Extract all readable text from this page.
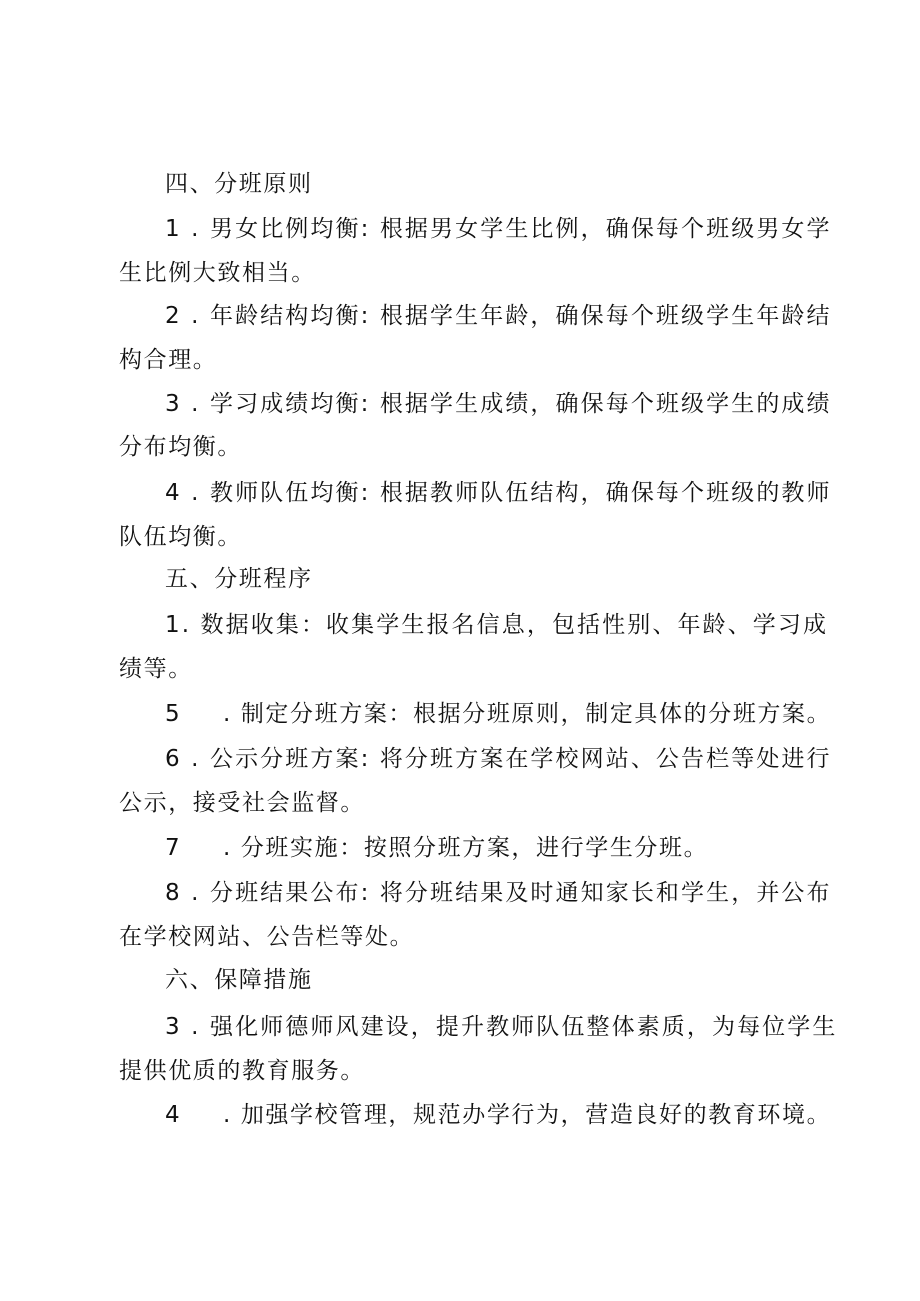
四、分班原则
1 . 男女比例均衡: 根据男女学生比例，确保每个班级男女学
生比例大致相当。
2 . 年龄结构均衡: 根据学生年龄，确保每个班级学生年龄结
构合理。
3 . 学习成绩均衡: 根据学生成绩，确保每个班级学生的成绩
分布均衡。
4 . 教师队伍均衡: 根据教师队伍结构，确保每个班级的教师
队伍均衡。
五、分班程序
1. 数据收集：收集学生报名信息，包括性别、年龄、学习成
绩等。
5 . 制定分班方案：根据分班原则，制定具体的分班方案。
6 . 公示分班方案: 将分班方案在学校网站、公告栏等处进行
公示，接受社会监督。
7 . 分班实施：按照分班方案，进行学生分班。
8 . 分班结果公布: 将分班结果及时通知家长和学生，并公布
在学校网站、公告栏等处。
六、保障措施
3 . 强化师德师风建设，提升教师队伍整体素质，为每位学生
提供优质的教育服务。
4 . 加强学校管理，规范办学行为，营造良好的教育环境。
